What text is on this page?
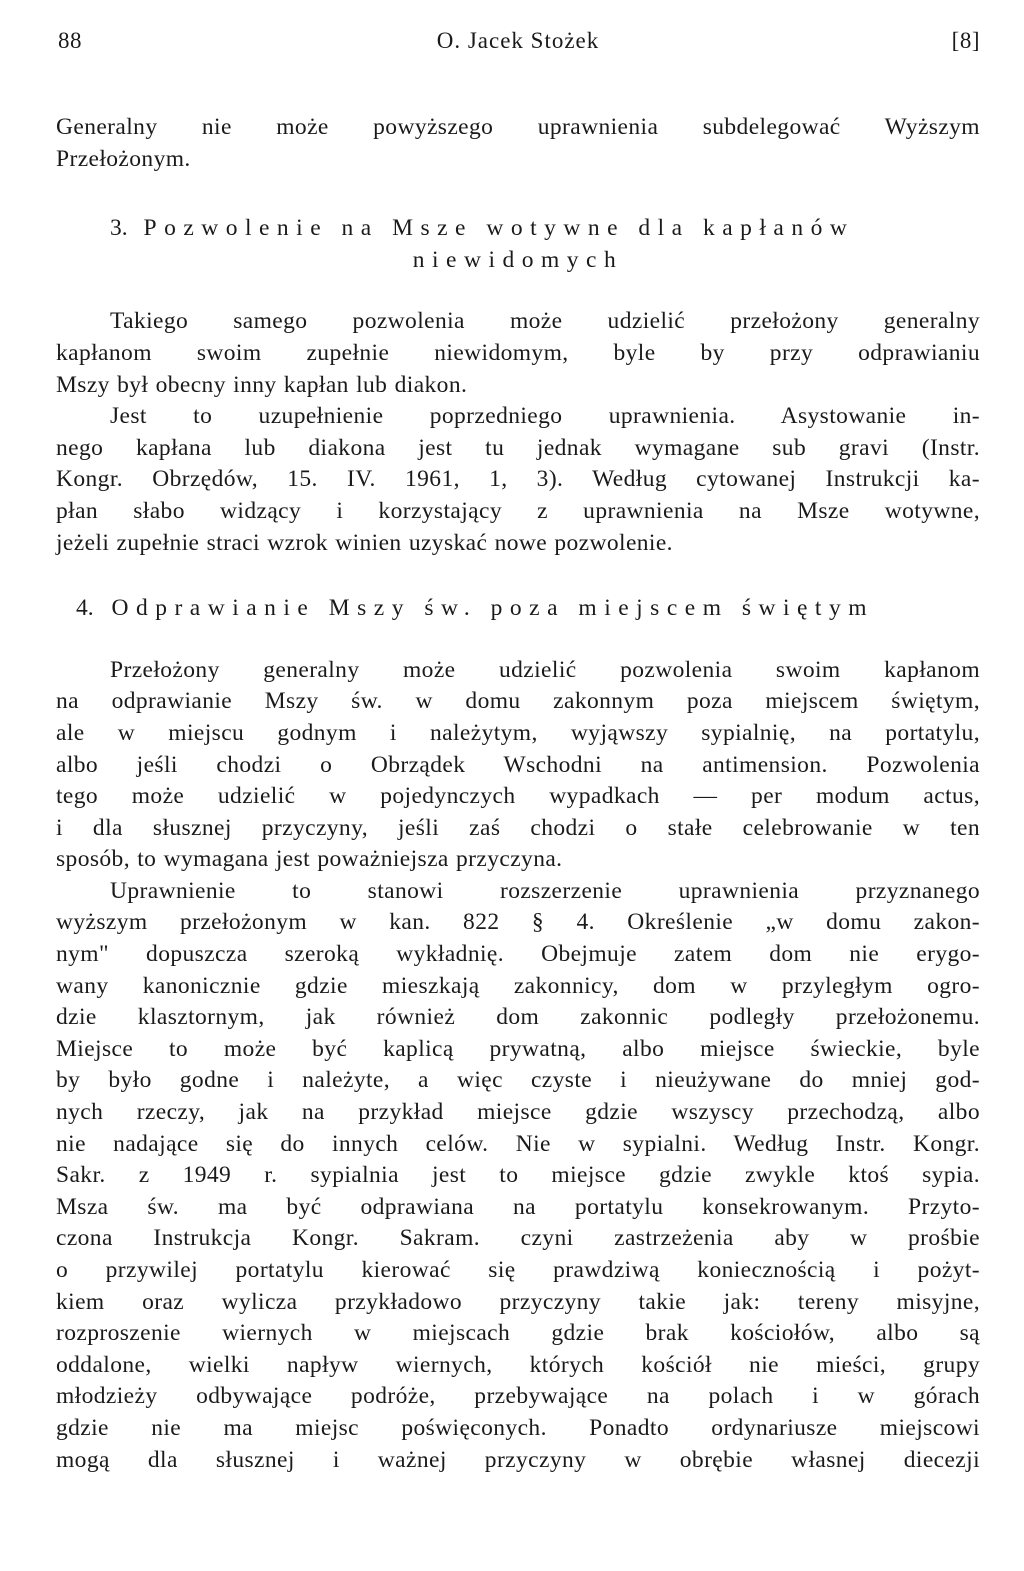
88	O. Jacek Stożek	[8]
Generalny nie może powyższego uprawnienia subdelegować Wyższym
Przełożonym.
3. Pozwolenie na Msze wotywne dla kapłanów
niewidomych
Takiego samego pozwolenia może udzielić przełożony generalny
kapłanom swoim zupełnie niewidomym, byle by przy odprawianiu
Mszy był obecny inny kapłan lub diakon.
Jest to uzupełnienie poprzedniego uprawnienia. Asystowanie in-
nego kapłana lub diakona jest tu jednak wymagane sub gravi (Instr.
Kongr. Obrzędów, 15. IV. 1961, 1, 3). Według cytowanej Instrukcji ka-
płan słabo widzący i korzystający z uprawnienia na Msze wotywne,
jeżeli zupełnie straci wzrok winien uzyskać nowe pozwolenie.
4. Odprawianie Mszy św. poza miejscem świętym
Przełożony generalny może udzielić pozwolenia swoim kapłanom
na odprawianie Mszy św. w domu zakonnym poza miejscem świętym,
ale w miejscu godnym i należytym, wyjąwszy sypialnię, na portatylu,
albo jeśli chodzi o Obrządek Wschodni na antimension. Pozwolenia
tego może udzielić w pojedynczych wypadkach — per modum actus,
i dla słusznej przyczyny, jeśli zaś chodzi o stałe celebrowanie w ten
sposób, to wymagana jest poważniejsza przyczyna.
Uprawnienie to stanowi rozszerzenie uprawnienia przyznanego
wyższym przełożonym w kan. 822 § 4. Określenie „w domu zakon-
nym" dopuszcza szeroką wykładnię. Obejmuje zatem dom nie erygo-
wany kanonicznie gdzie mieszkają zakonnicy, dom w przyległym ogro-
dzie klasztornym, jak również dom zakonnic podległy przełożonemu.
Miejsce to może być kaplicą prywatną, albo miejsce świeckie, byle
by było godne i należyte, a więc czyste i nieużywane do mniej god-
nych rzeczy, jak na przykład miejsce gdzie wszyscy przechodzą, albo
nie nadające się do innych celów. Nie w sypialni. Według Instr. Kongr.
Sakr. z 1949 r. sypialnia jest to miejsce gdzie zwykle ktoś sypia.
Msza św. ma być odprawiana na portatylu konsekrowanym. Przyto-
czona Instrukcja Kongr. Sakram. czyni zastrzeżenia aby w prośbie
o przywilej portatylu kierować się prawdziwą koniecznością i pożyt-
kiem oraz wylicza przykładowo przyczyny takie jak: tereny misyjne,
rozproszenie wiernych w miejscach gdzie brak kościołów, albo są
oddalone, wielki napływ wiernych, których kościół nie mieści, grupy
młodzieży odbywające podróże, przebywające na polach i w górach
gdzie nie ma miejsc poświęconych. Ponadto ordynariusze miejscowi
mogą dla słusznej i ważnej przyczyny w obrębie własnej diecezji
